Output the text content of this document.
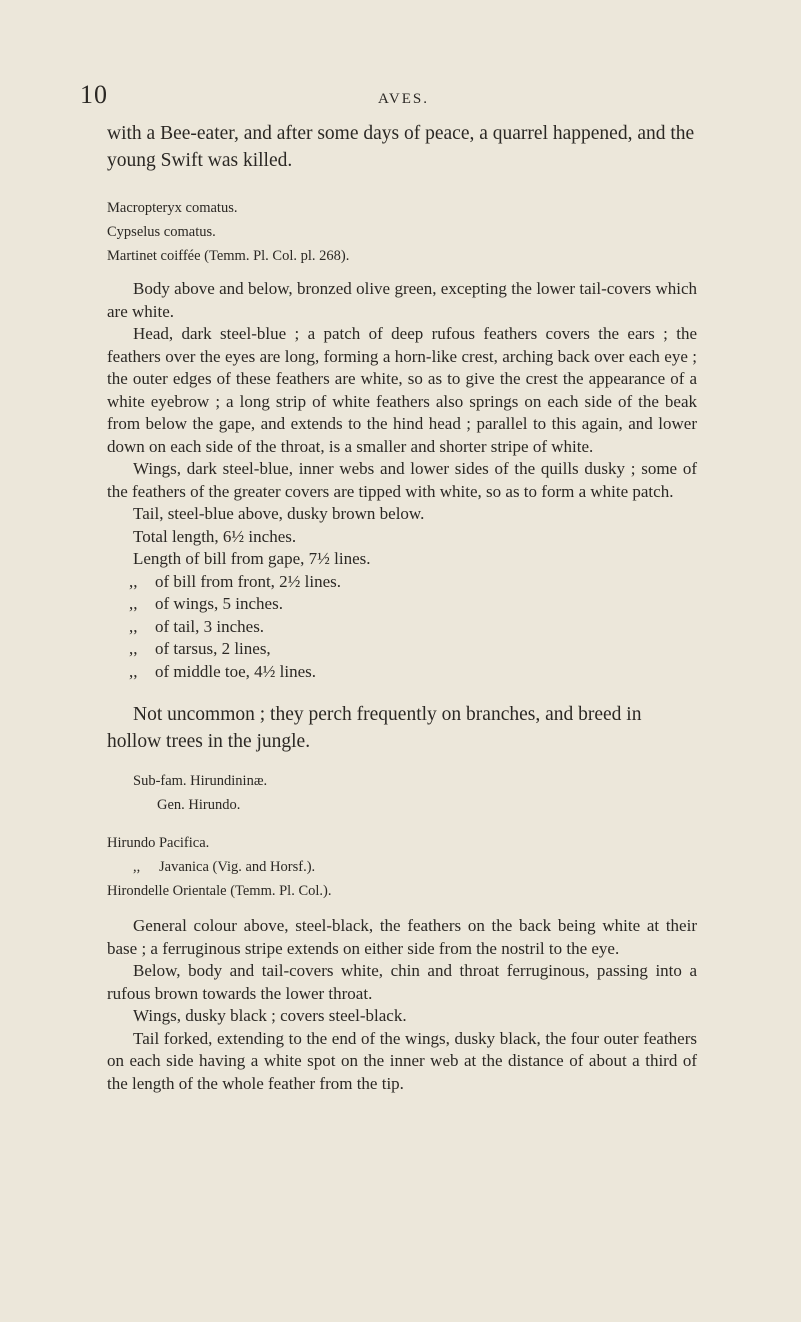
10	AVES.

with a Bee-eater, and after some days of peace, a quarrel happened, and the young Swift was killed.

Macropteryx comatus.

Cypselus comatus.

Martinet coiffée (Temm. Pl. Col. pl. 268).

Body above and below, bronzed olive green, excepting the lower tail-covers which are white.

Head, dark steel-blue ; a patch of deep rufous feathers covers the ears ; the feathers over the eyes are long, forming a horn-like crest, arching back over each eye ; the outer edges of these feathers are white, so as to give the crest the appearance of a white eyebrow ; a long strip of white feathers also springs on each side of the beak from below the gape, and extends to the hind head ; parallel to this again, and lower down on each side of the throat, is a smaller and shorter stripe of white.

Wings, dark steel-blue, inner webs and lower sides of the quills dusky ; some of the feathers of the greater covers are tipped with white, so as to form a white patch.

Tail, steel-blue above, dusky brown below.

Total length, 6½ inches.

Length of bill from gape, 7½ lines.

,, of bill from front, 2½ lines.

,, of wings, 5 inches.

,, of tail, 3 inches.

,, of tarsus, 2 lines,

,, of middle toe, 4½ lines.

Not uncommon ; they perch frequently on branches, and breed in hollow trees in the jungle.

Sub-fam. Hirundininæ.

Gen. Hirundo.

Hirundo Pacifica.

,, Javanica (Vig. and Horsf.).

Hirondelle Orientale (Temm. Pl. Col.).

General colour above, steel-black, the feathers on the back being white at their base ; a ferruginous stripe extends on either side from the nostril to the eye.

Below, body and tail-covers white, chin and throat ferruginous, passing into a rufous brown towards the lower throat.

Wings, dusky black ; covers steel-black.

Tail forked, extending to the end of the wings, dusky black, the four outer feathers on each side having a white spot on the inner web at the distance of about a third of the length of the whole feather from the tip.
